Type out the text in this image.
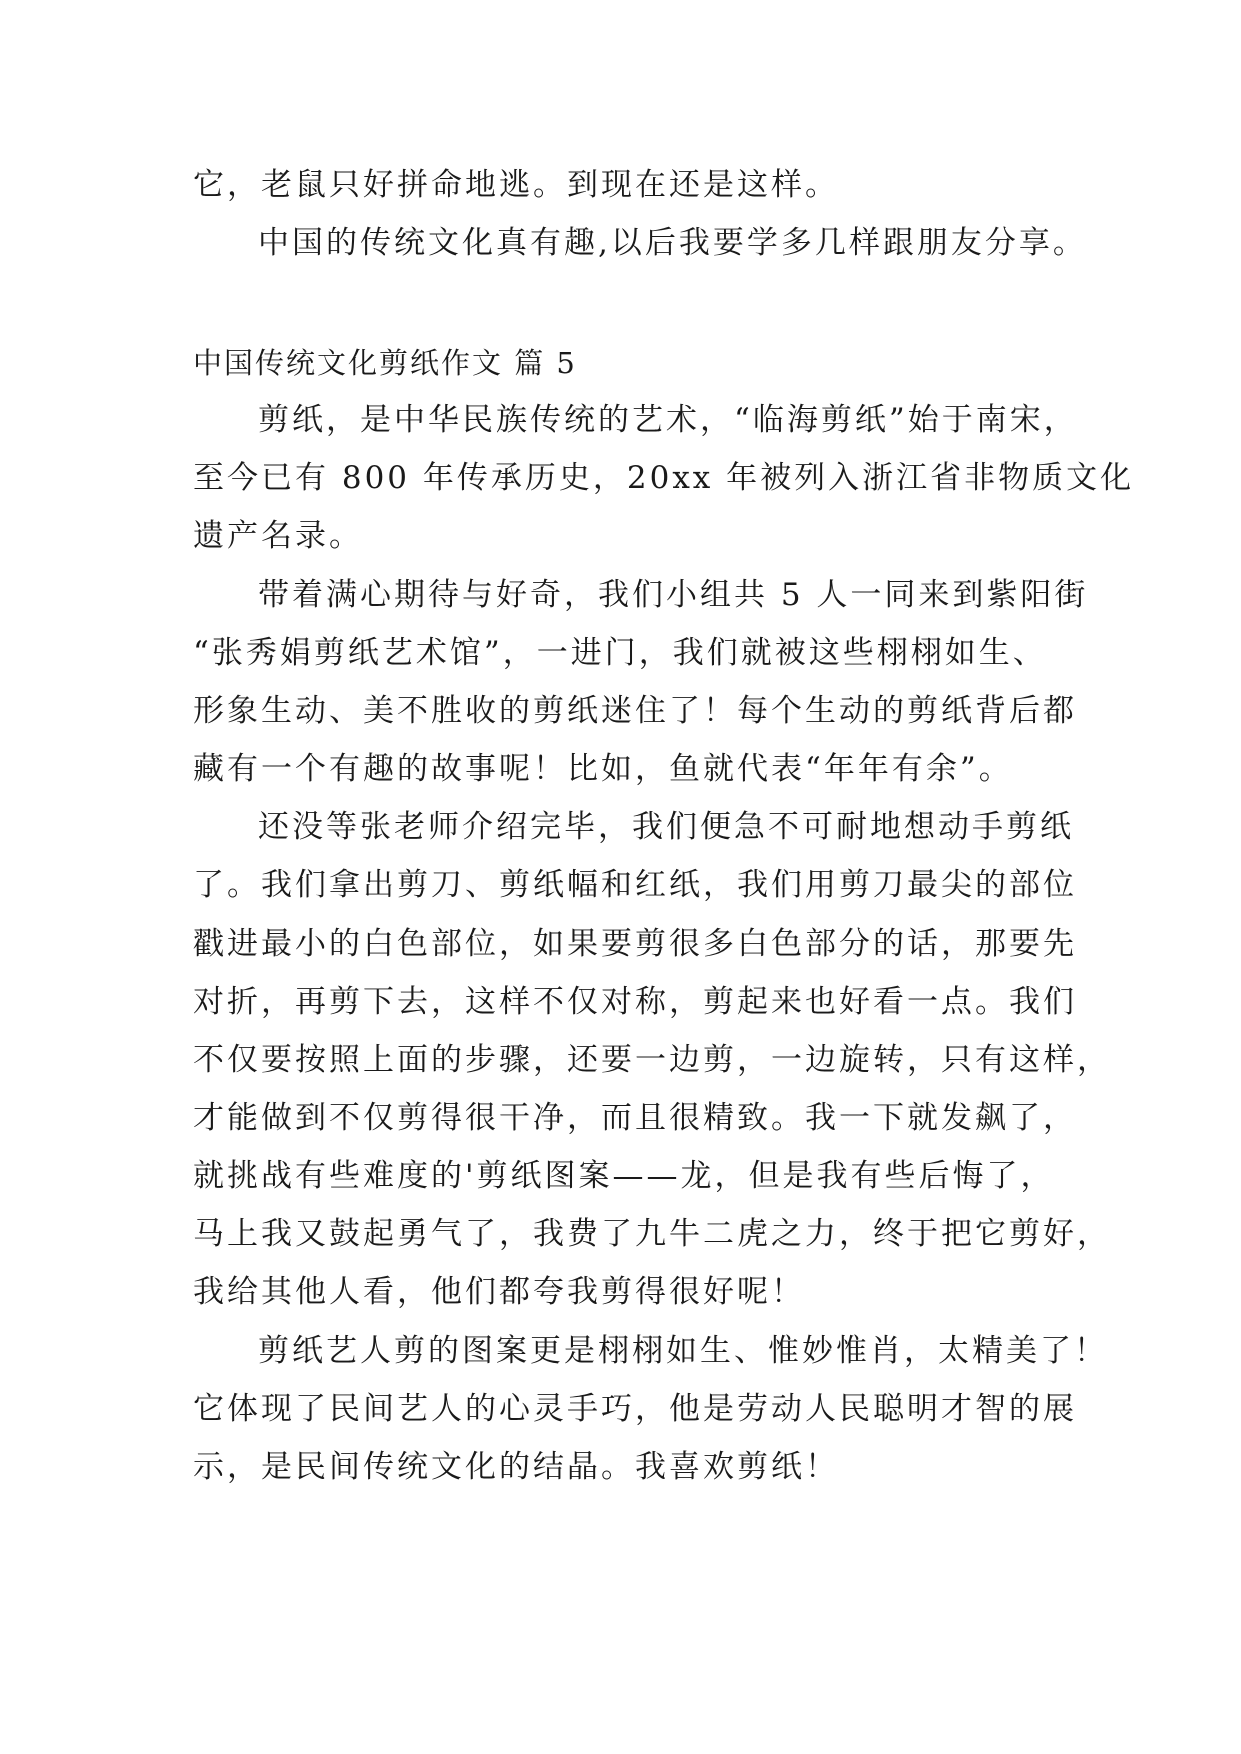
它，老鼠只好拼命地逃。到现在还是这样。
中国的传统文化真有趣,以后我要学多几样跟朋友分享。
中国传统文化剪纸作文 篇 5
剪纸，是中华民族传统的艺术，“临海剪纸”始于南宋，
至今已有 800 年传承历史，20xx 年被列入浙江省非物质文化
遗产名录。
带着满心期待与好奇，我们小组共 5 人一同来到紫阳街
“张秀娟剪纸艺术馆”，一进门，我们就被这些栩栩如生、
形象生动、美不胜收的剪纸迷住了！每个生动的剪纸背后都
藏有一个有趣的故事呢！比如，鱼就代表“年年有余”。
还没等张老师介绍完毕，我们便急不可耐地想动手剪纸
了。我们拿出剪刀、剪纸幅和红纸，我们用剪刀最尖的部位
戳进最小的白色部位，如果要剪很多白色部分的话，那要先
对折，再剪下去，这样不仅对称，剪起来也好看一点。我们
不仅要按照上面的步骤，还要一边剪，一边旋转，只有这样，
才能做到不仅剪得很干净，而且很精致。我一下就发飙了，
就挑战有些难度的'剪纸图案——龙，但是我有些后悔了，
马上我又鼓起勇气了，我费了九牛二虎之力，终于把它剪好，
我给其他人看，他们都夸我剪得很好呢！
剪纸艺人剪的图案更是栩栩如生、惟妙惟肖，太精美了！
它体现了民间艺人的心灵手巧，他是劳动人民聪明才智的展
示，是民间传统文化的结晶。我喜欢剪纸！
